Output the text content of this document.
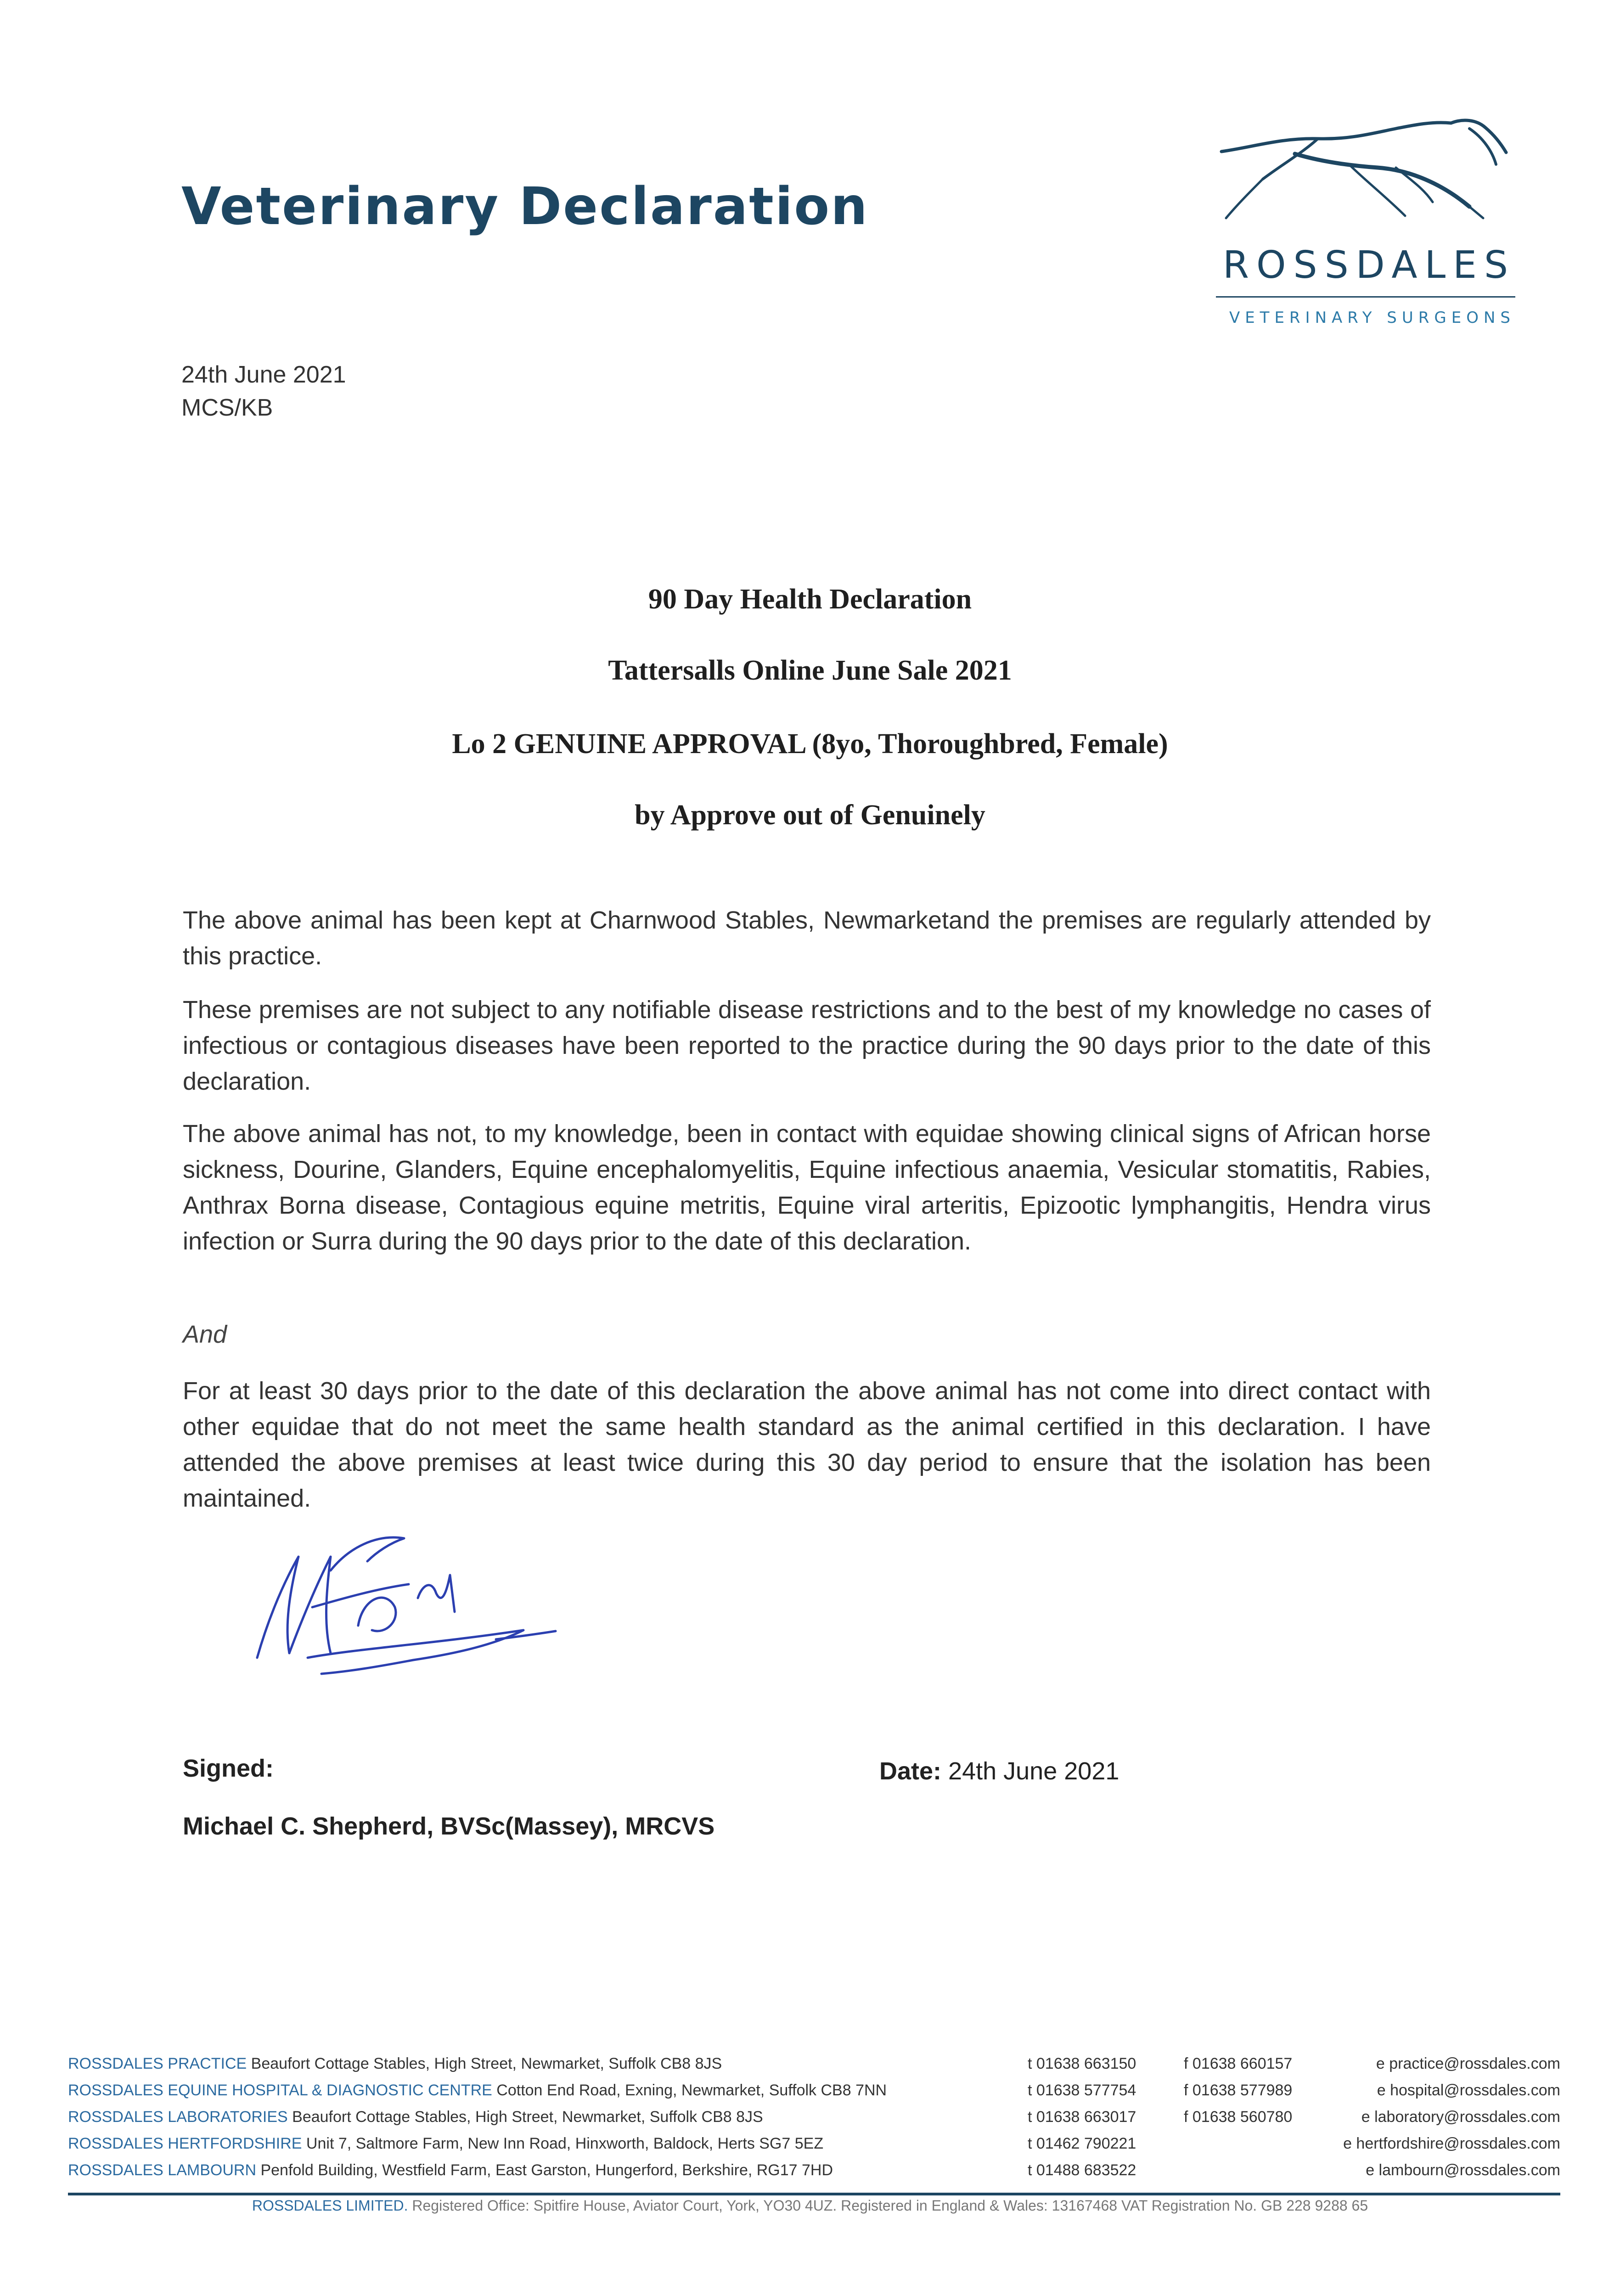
Veterinary Declaration
ROSSDALES
VETERINARY SURGEONS
24th June 2021
MCS/KB
90 Day Health Declaration
Tattersalls Online June Sale 2021
Lo 2 GENUINE APPROVAL (8yo, Thoroughbred, Female)
by Approve out of Genuinely
The above animal has been kept at Charnwood Stables, Newmarketand the premises are regularly attended by this practice.
These premises are not subject to any notifiable disease restrictions and to the best of my knowledge no cases of infectious or contagious diseases have been reported to the practice during the 90 days prior to the date of this declaration.
The above animal has not, to my knowledge, been in contact with equidae showing clinical signs of African horse sickness, Dourine, Glanders, Equine encephalomyelitis, Equine infectious anaemia, Vesicular stomatitis, Rabies, Anthrax Borna disease, Contagious equine metritis, Equine viral arteritis, Epizootic lymphangitis, Hendra virus infection or Surra during the 90 days prior to the date of this declaration.
And
For at least 30 days prior to the date of this declaration the above animal has not come into direct contact with other equidae that do not meet the same health standard as the animal certified in this declaration. I have attended the above premises at least twice during this 30 day period to ensure that the isolation has been maintained.
Signed:	Date: 24th June 2021
Michael C. Shepherd, BVSc(Massey), MRCVS
ROSSDALES PRACTICE Beaufort Cottage Stables, High Street, Newmarket, Suffolk CB8 8JS	t 01638 663150	f 01638 660157	e practice@rossdales.com
ROSSDALES EQUINE HOSPITAL & DIAGNOSTIC CENTRE Cotton End Road, Exning, Newmarket, Suffolk CB8 7NN	t 01638 577754	f 01638 577989	e hospital@rossdales.com
ROSSDALES LABORATORIES Beaufort Cottage Stables, High Street, Newmarket, Suffolk CB8 8JS	t 01638 663017	f 01638 560780	e laboratory@rossdales.com
ROSSDALES HERTFORDSHIRE Unit 7, Saltmore Farm, New Inn Road, Hinxworth, Baldock, Herts SG7 5EZ	t 01462 790221	e hertfordshire@rossdales.com
ROSSDALES LAMBOURN Penfold Building, Westfield Farm, East Garston, Hungerford, Berkshire, RG17 7HD	t 01488 683522	e lambourn@rossdales.com
ROSSDALES LIMITED. Registered Office: Spitfire House, Aviator Court, York, YO30 4UZ. Registered in England & Wales: 13167468 VAT Registration No. GB 228 9288 65
